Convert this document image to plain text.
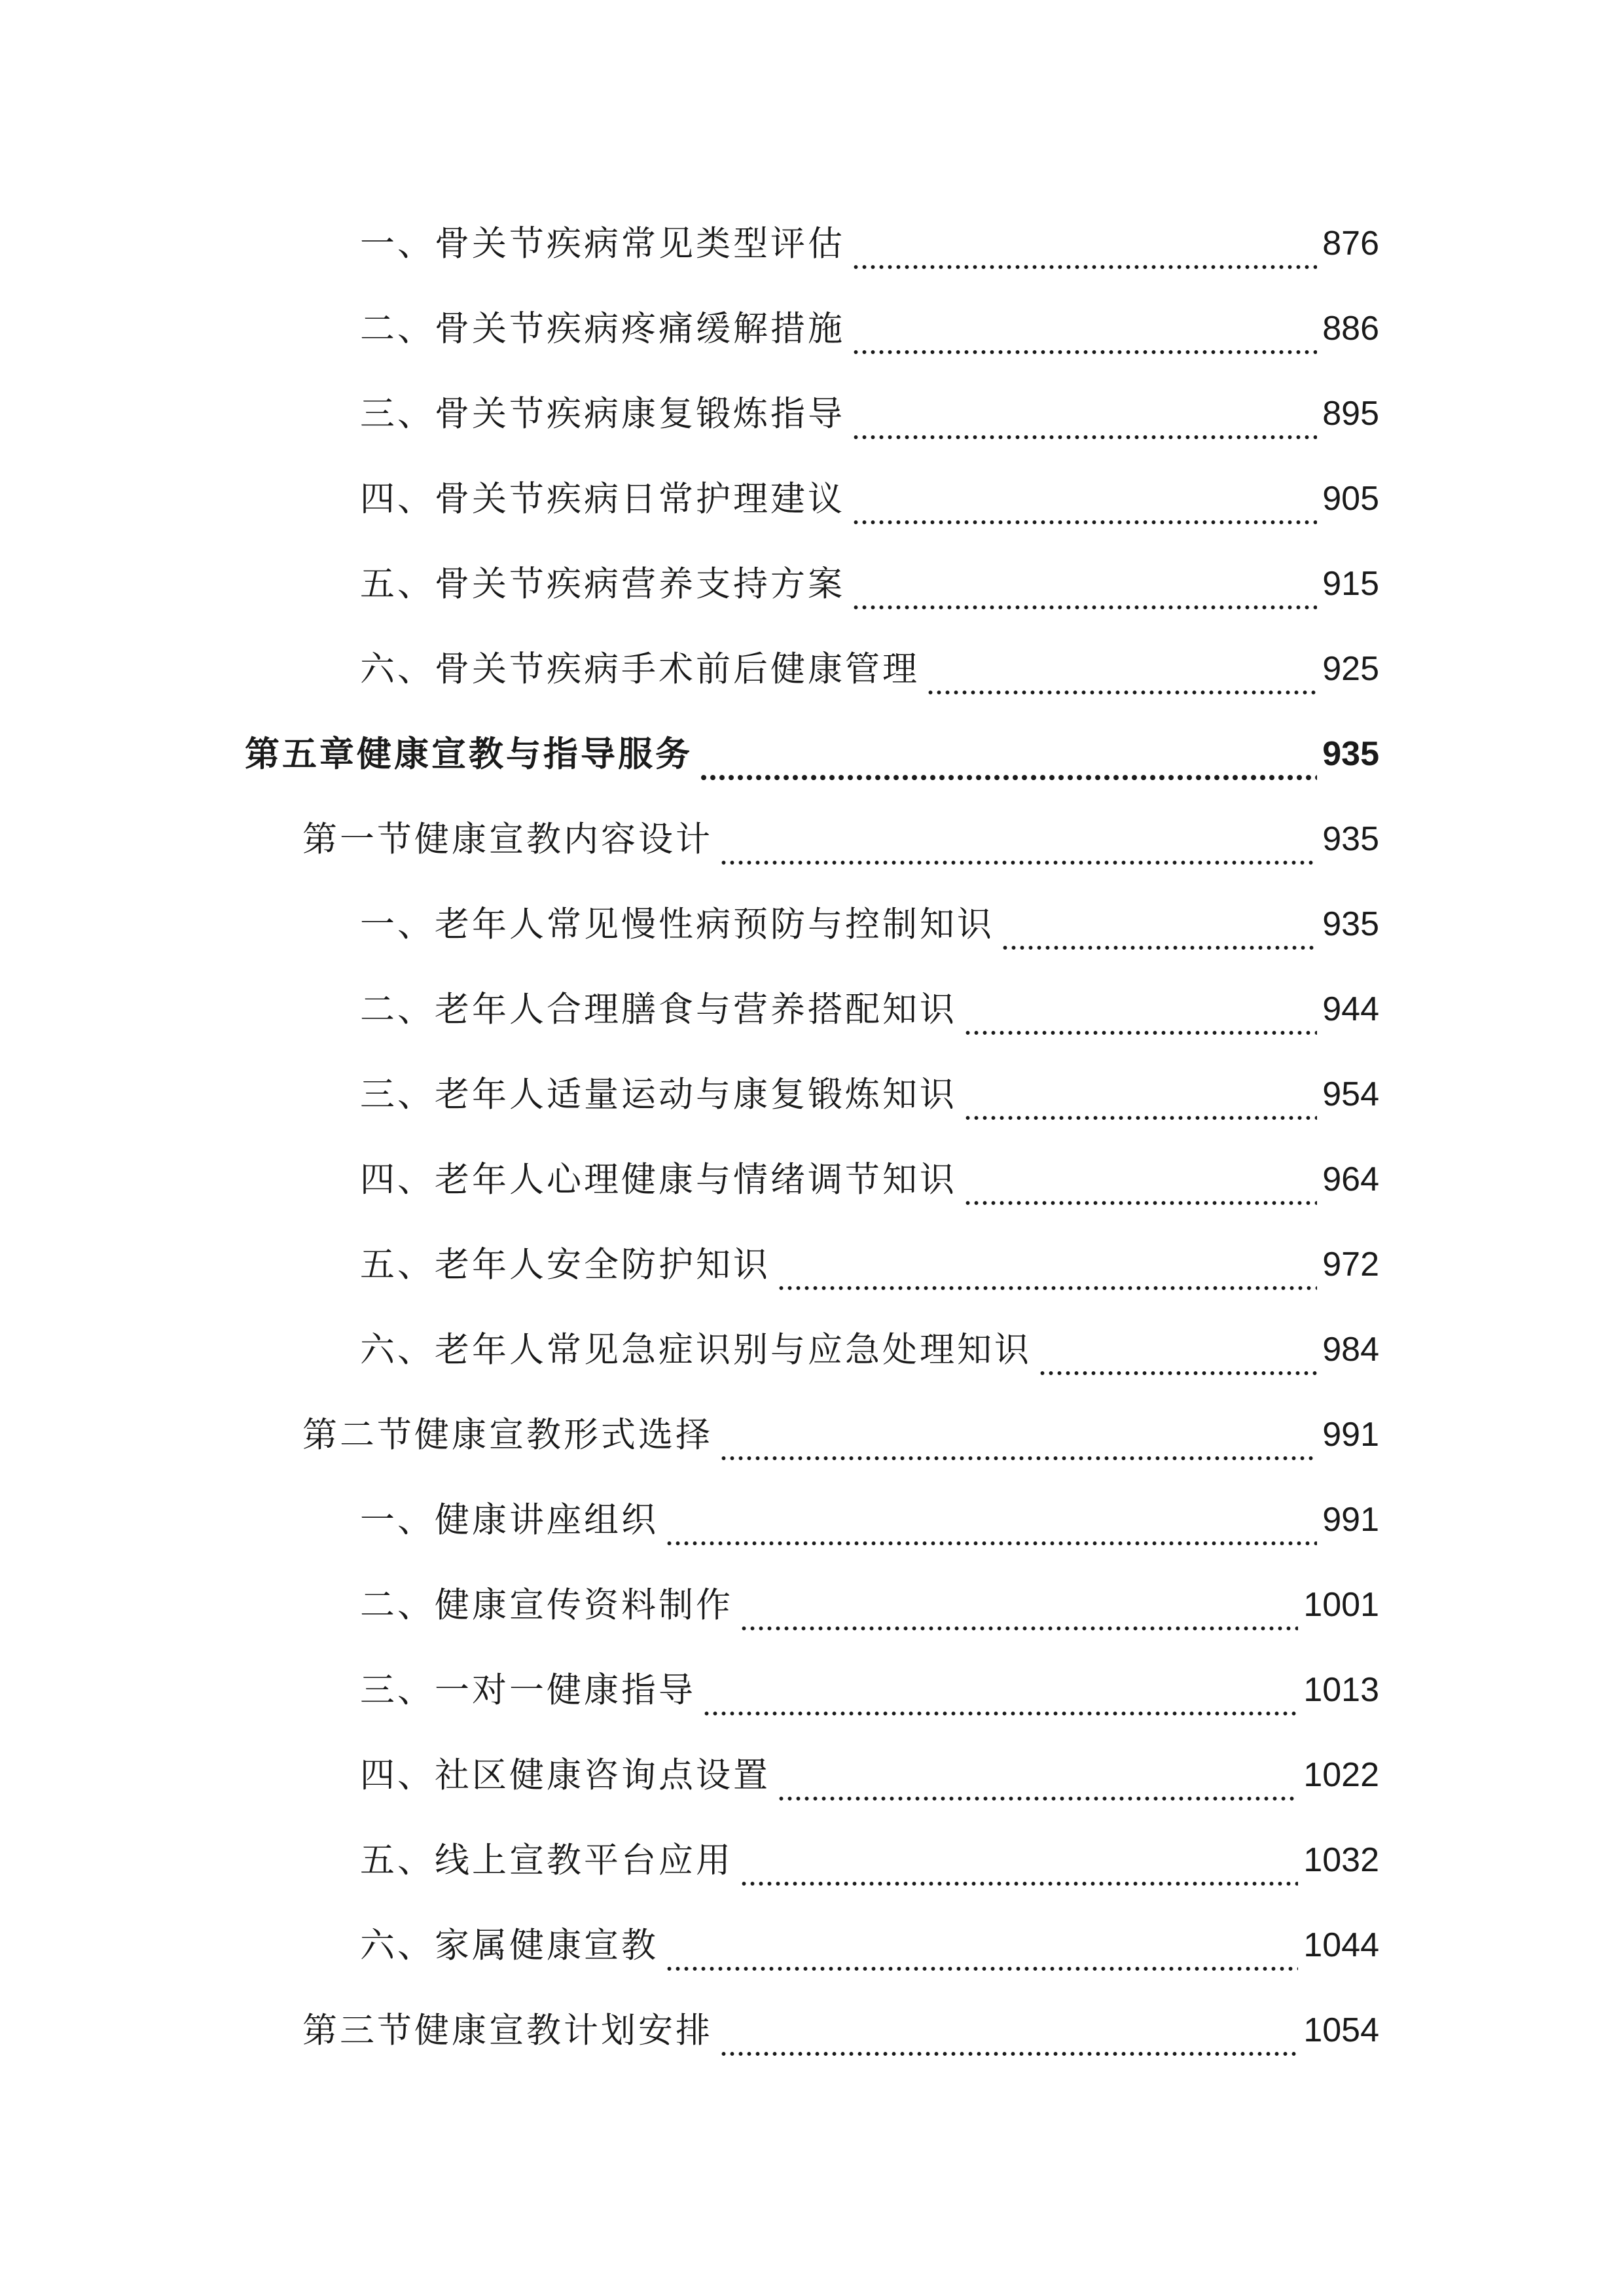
一、骨关节疾病常见类型评估	876
二、骨关节疾病疼痛缓解措施	886
三、骨关节疾病康复锻炼指导	895
四、骨关节疾病日常护理建议	905
五、骨关节疾病营养支持方案	915
六、骨关节疾病手术前后健康管理	925
第五章健康宣教与指导服务	935
第一节健康宣教内容设计	935
一、老年人常见慢性病预防与控制知识	935
二、老年人合理膳食与营养搭配知识	944
三、老年人适量运动与康复锻炼知识	954
四、老年人心理健康与情绪调节知识	964
五、老年人安全防护知识	972
六、老年人常见急症识别与应急处理知识	984
第二节健康宣教形式选择	991
一、健康讲座组织	991
二、健康宣传资料制作	1001
三、一对一健康指导	1013
四、社区健康咨询点设置	1022
五、线上宣教平台应用	1032
六、家属健康宣教	1044
第三节健康宣教计划安排	1054
